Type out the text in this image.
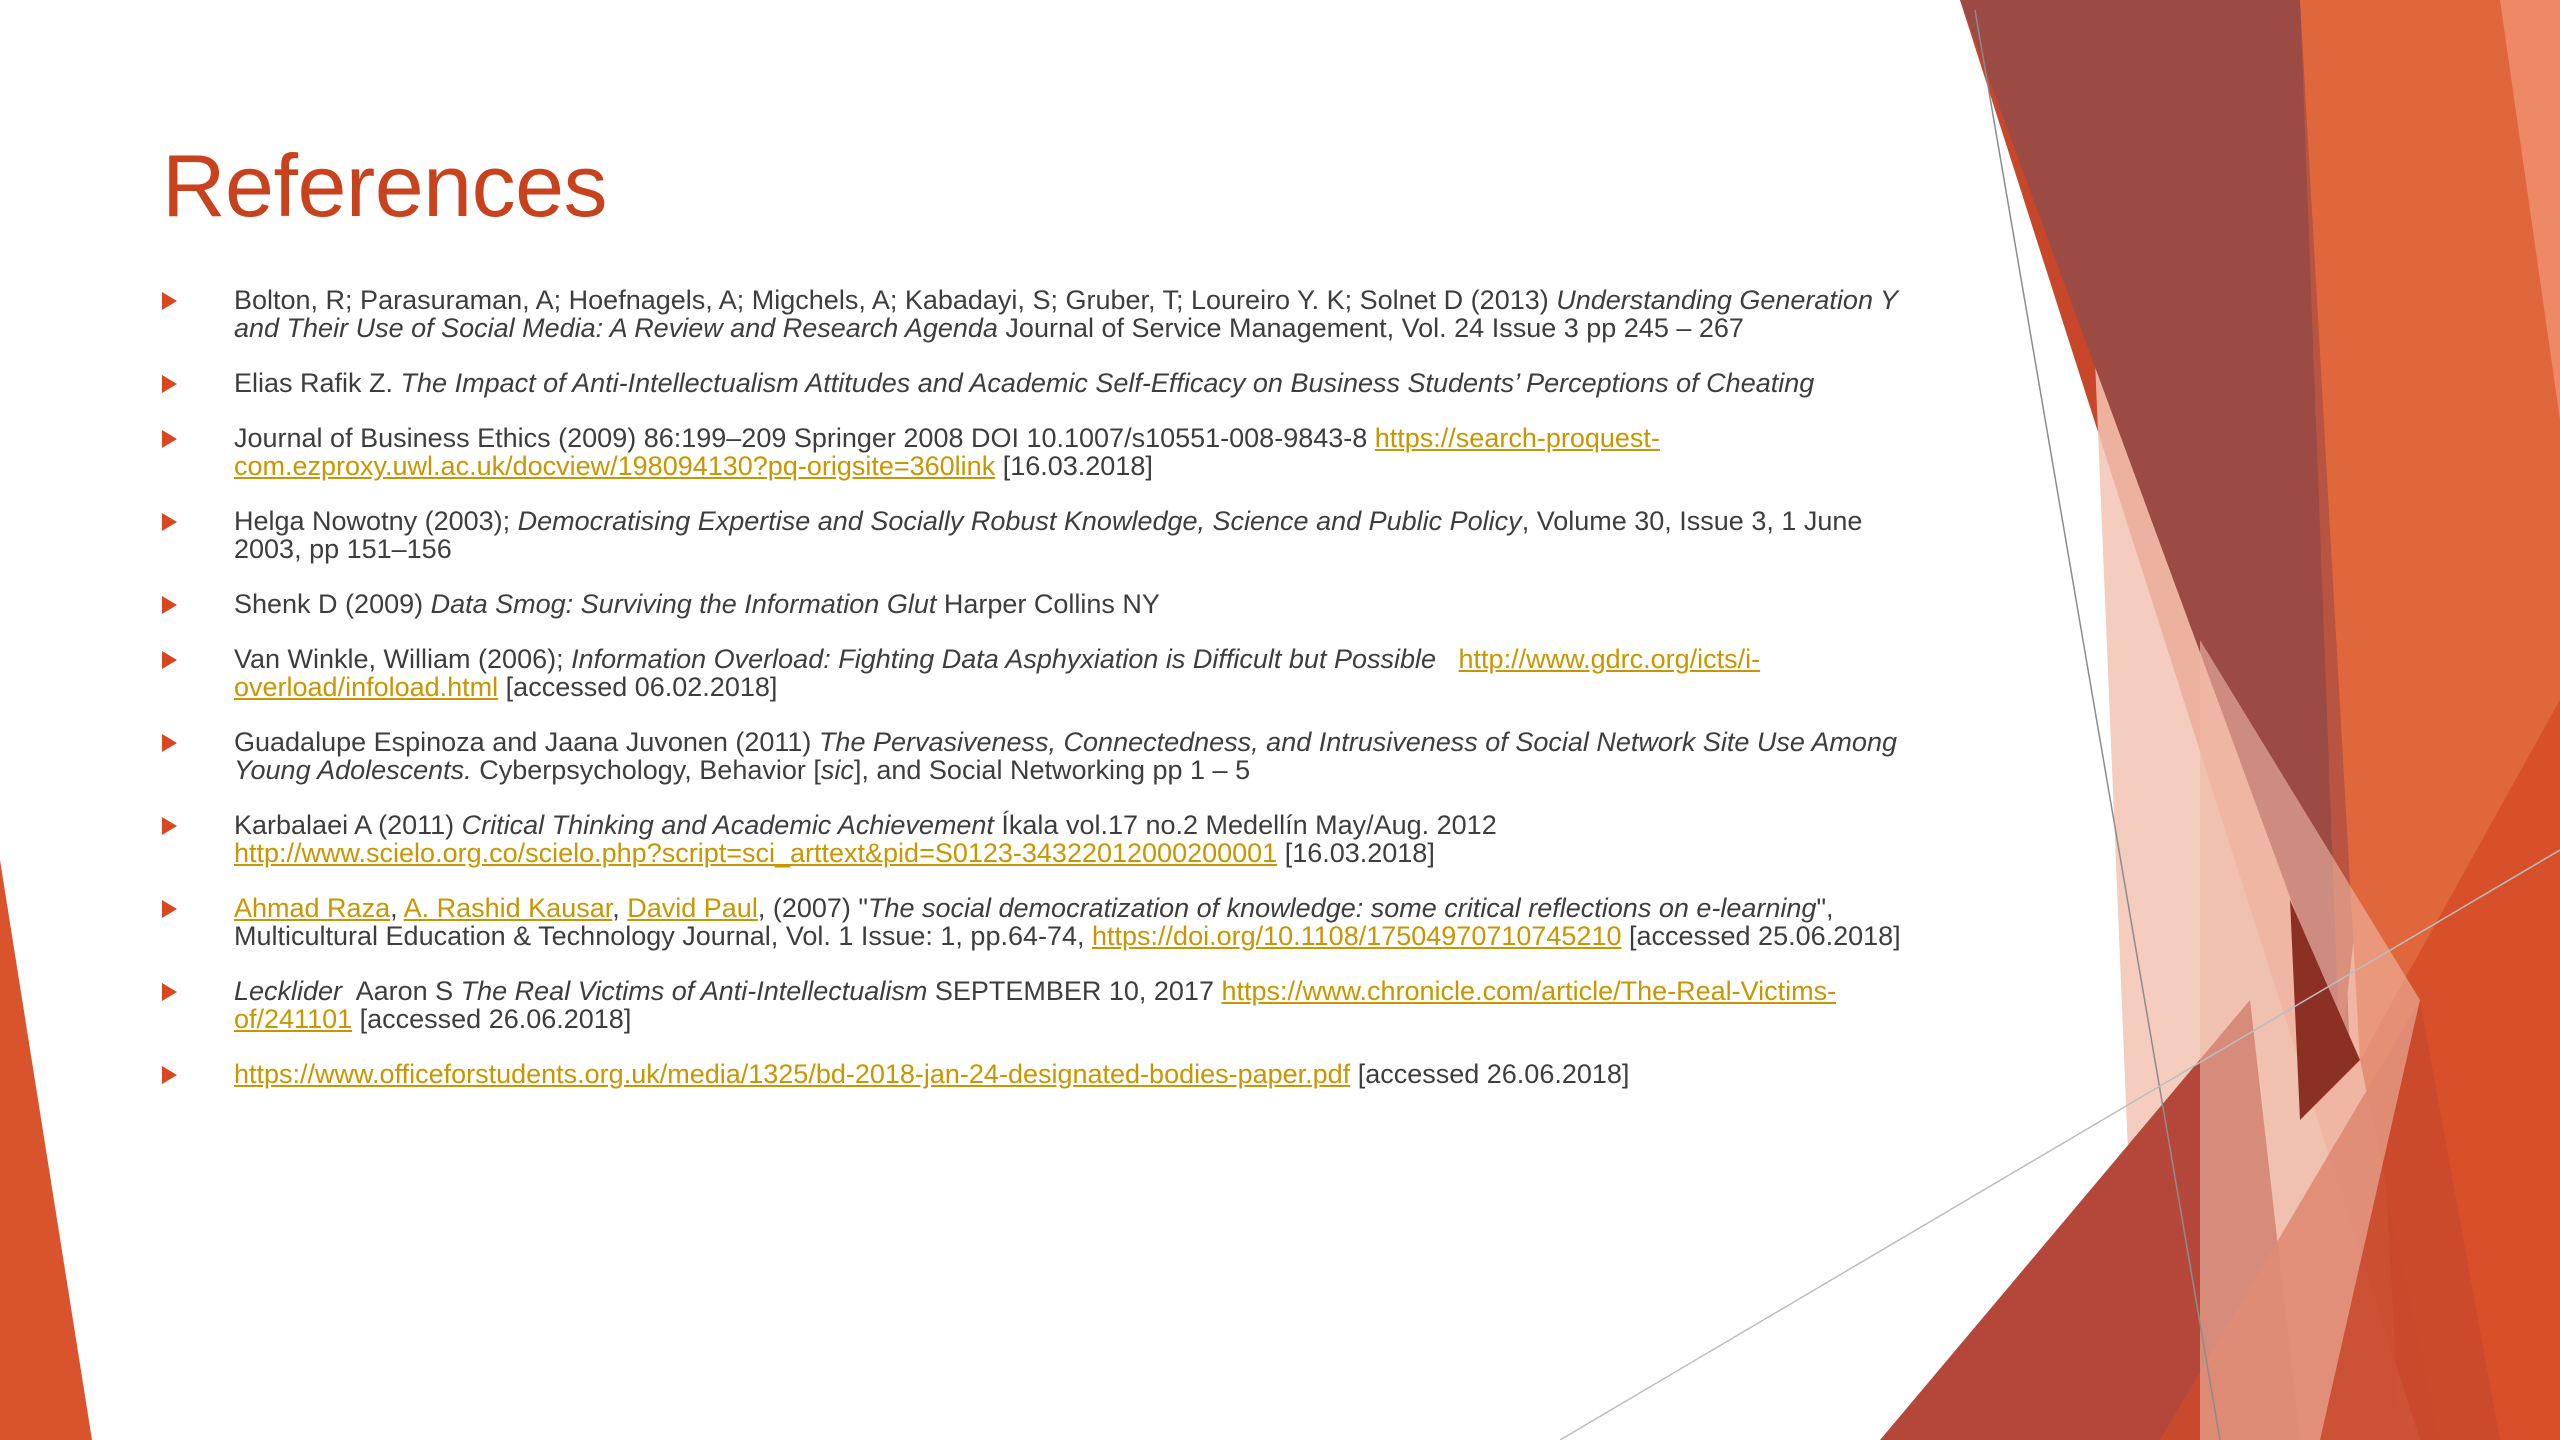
References
Bolton, R; Parasuraman, A; Hoefnagels, A; Migchels, A; Kabadayi, S; Gruber, T; Loureiro Y. K; Solnet D (2013) Understanding Generation Y and Their Use of Social Media: A Review and Research Agenda Journal of Service Management, Vol. 24 Issue 3 pp 245 – 267
Elias Rafik Z. The Impact of Anti-Intellectualism Attitudes and Academic Self-Efficacy on Business Students’ Perceptions of Cheating
Journal of Business Ethics (2009) 86:199–209 Springer 2008 DOI 10.1007/s10551-008-9843-8 https://search-proquest-com.ezproxy.uwl.ac.uk/docview/198094130?pq-origsite=360link [16.03.2018]
Helga Nowotny (2003); Democratising Expertise and Socially Robust Knowledge, Science and Public Policy, Volume 30, Issue 3, 1 June 2003, pp 151–156
Shenk D (2009) Data Smog: Surviving the Information Glut Harper Collins NY
Van Winkle, William (2006); Information Overload: Fighting Data Asphyxiation is Difficult but Possible http://www.gdrc.org/icts/i-overload/infoload.html [accessed 06.02.2018]
Guadalupe Espinoza and Jaana Juvonen (2011) The Pervasiveness, Connectedness, and Intrusiveness of Social Network Site Use Among Young Adolescents. Cyberpsychology, Behavior [sic], and Social Networking pp 1 – 5
Karbalaei A (2011) Critical Thinking and Academic Achievement Íkala vol.17 no.2 Medellín May/Aug. 2012 http://www.scielo.org.co/scielo.php?script=sci_arttext&pid=S0123-34322012000200001 [16.03.2018]
Ahmad Raza, A. Rashid Kausar, David Paul, (2007) "The social democratization of knowledge: some critical reflections on e-learning", Multicultural Education & Technology Journal, Vol. 1 Issue: 1, pp.64-74, https://doi.org/10.1108/17504970710745210 [accessed 25.06.2018]
Lecklider  Aaron S The Real Victims of Anti-Intellectualism SEPTEMBER 10, 2017 https://www.chronicle.com/article/The-Real-Victims-of/241101 [accessed 26.06.2018]
https://www.officeforstudents.org.uk/media/1325/bd-2018-jan-24-designated-bodies-paper.pdf [accessed 26.06.2018]
